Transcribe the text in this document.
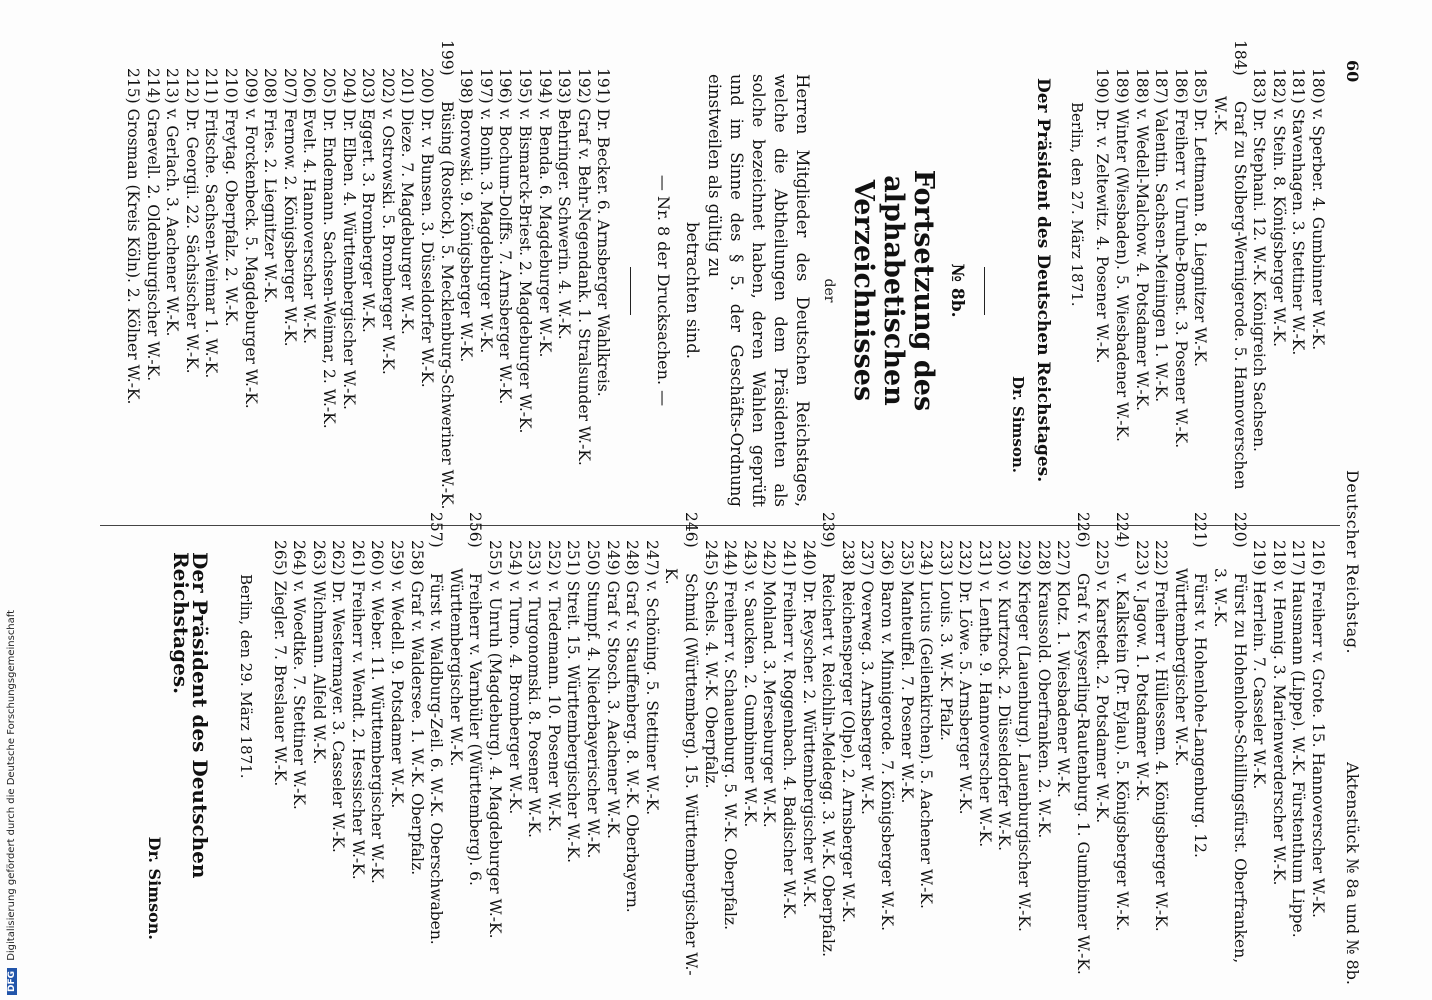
60
Deutscher Reichstag.
Aktenstück № 8a und № 8b.
180) v. Sperber. 4. Gumbinner W.-K.
181) Stavenhagen. 3. Stettiner W.-K.
182) v. Stein. 8. Königsberger W.-K.
183) Dr. Stephani. 12. W.-K. Königreich Sachsen.
184) Graf zu Stolberg-Wernigerode. 5. Hannoverschen W.-K.
185) Dr. Lettmann. 8. Liegnitzer W.-K.
186) Freiherr v. Unruhe-Bomst. 3. Posener W.-K.
187) Valentin. Sachsen-Meiningen 1. W.-K.
188) v. Wedell-Malchow. 4. Potsdamer W.-K.
189) Winter (Wiesbaden). 5. Wiesbadener W.-K.
190) Dr. v. Zeltewitz. 4. Posener W.-K.
Berlin, den 27. März 1871.
Der Präsident des Deutschen Reichstages.
Dr. Simson.
№ 8b.
Fortsetzung des alphabetischen Verzeichnisses
der
Herren Mitglieder des Deutschen Reichstages, welche die Abtheilungen dem Präsidenten als solche bezeichnet haben, deren Wahlen geprüft und im Sinne des § 5. der Geschäfts-Ordnung einstweilen als gültig zu
betrachten sind.
— Nr. 8 der Drucksachen. —
191) Dr. Becker. 6. Arnsberger Wahlkreis.
192) Graf v. Behr-Negendank. 1. Stralsunder W.-K.
193) Behringer. Schwerin. 4. W.-K.
194) v. Benda. 6. Magdeburger W.-K.
195) v. Bismarck-Briest. 2. Magdeburger W.-K.
196) v. Bochum-Dolffs. 7. Arnsberger W.-K.
197) v. Bonin. 3. Magdeburger W.-K.
198) Borowski. 9. Königsberger W.-K.
199) Büsing (Rostock). 5. Mecklenburg-Schweriner W.-K.
200) Dr. v. Bunsen. 3. Düsseldorfer W.-K.
201) Dieze. 7. Magdeburger W.-K.
202) v. Ostrowski. 5. Bromberger W.-K.
203) Eggert. 3. Bromberger W.-K.
204) Dr. Elben. 4. Württembergischer W.-K.
205) Dr. Endemann. Sachsen-Weimar, 2. W.-K.
206) Evelt. 4. Hannoverscher W.-K.
207) Fernow. 2. Königsberger W.-K.
208) Fries. 2. Liegnitzer W.-K.
209) v. Forckenbeck. 5. Magdeburger W.-K.
210) Freytag. Oberpfalz. 2. W.-K.
211) Fritsche. Sachsen-Weimar 1. W.-K.
212) Dr. Georgii. 22. Sächsischer W.-K.
213) v. Gerlach. 3. Aachener W.-K.
214) Graevell. 2. Oldenburgischer W.-K.
215) Grosman (Kreis Köln). 2. Kölner W.-K.
216) Freiherr v. Grote. 15. Hannoverscher W.-K.
217) Hausmann (Lippe). W.-K. Fürstenthum Lippe.
218) v. Hennig. 3. Marienwerderscher W.-K.
219) Herrlein. 7. Casseler W.-K.
220) Fürst zu Hohenlohe-Schillingsfürst. Oberfranken, 3. W.-K.
221) Fürst v. Hohenlohe-Langenburg. 12. Württembergischer W.-K.
222) Freiherr v. Hüllessem. 4. Königsberger W.-K.
223) v. Jagow. 1. Potsdamer W.-K.
224) v. Kalkstein (Pr. Eylau). 5. Königsberger W.-K.
225) v. Karstedt. 2. Potsdamer W.-K.
226) Graf v. Keyserling-Rautenburg. 1. Gumbinner W.-K.
227) Klotz. 1. Wiesbadener W.-K.
228) Kraussold. Oberfranken. 2. W.-K.
229) Krieger (Lauenburg). Lauenburgischer W.-K.
230) v. Kurtzrock. 2. Düsseldorfer W.-K.
231) v. Lenthe. 9. Hannoverscher W.-K.
232) Dr. Löwe. 5. Arnsberger W.-K.
233) Louis. 3. W.-K. Pfalz.
234) Lucius (Geilenkirchen). 5. Aachener W.-K.
235) Manteuffel. 7. Posener W.-K.
236) Baron v. Minnigerode. 7. Königsberger W.-K.
237) Overweg. 3. Arnsberger W.-K.
238) Reichensperger (Olpe). 2. Arnsberger W.-K.
239) Reichert v. Reichlin-Meldegg. 3. W.-K. Oberpfalz.
240) Dr. Reyscher. 2. Württembergischer W.-K.
241) Freiherr v. Roggenbach. 4. Badischer W.-K.
242) Mohland. 3. Merseburger W.-K.
243) v. Saucken. 2. Gumbinner W.-K.
244) Freiherr v. Schauenburg. 5. W.-K. Oberpfalz.
245) Schels. 4. W.-K. Oberpfalz.
246) Schmid (Württemberg). 15. Württembergischer W.-K.
247) v. Schöning. 5. Stettiner W.-K.
248) Graf v. Stauffenberg. 8. W.-K. Oberbayern.
249) Graf v. Stosch. 3. Aachener W.-K.
250) Stumpf. 4. Niederbayerischer W.-K.
251) Streit. 15. Württembergischer W.-K.
252) v. Tiedemann. 10. Posener W.-K.
253) v. Turgonomski. 8. Posener W.-K.
254) v. Turno. 4. Bromberger W.-K.
255) v. Unruh (Magdeburg). 4. Magdeburger W.-K.
256) Freiherr v. Varnbüler (Württemberg). 6. Württembergischer W.-K.
257) Fürst v. Waldburg-Zeil. 6. W.-K. Oberschwaben.
258) Graf v. Waldersee. 1. W.-K. Oberpfalz.
259) v. Wedell. 9. Potsdamer W.-K.
260) v. Weber. 11. Württembergischer W.-K.
261) Freiherr v. Wendt. 2. Hessischer W.-K.
262) Dr. Westermayer. 3. Casseler W.-K.
263) Wichmann. Alfeld W.-K.
264) v. Woedtke. 7. Stettiner W.-K.
265) Ziegler. 7. Breslauer W.-K.
Berlin, den 29. März 1871.
Der Präsident des Deutschen Reichstages.
Dr. Simson.
DFG Digitalisierung gefördert durch die Deutsche Forschungsgemeinschaft
